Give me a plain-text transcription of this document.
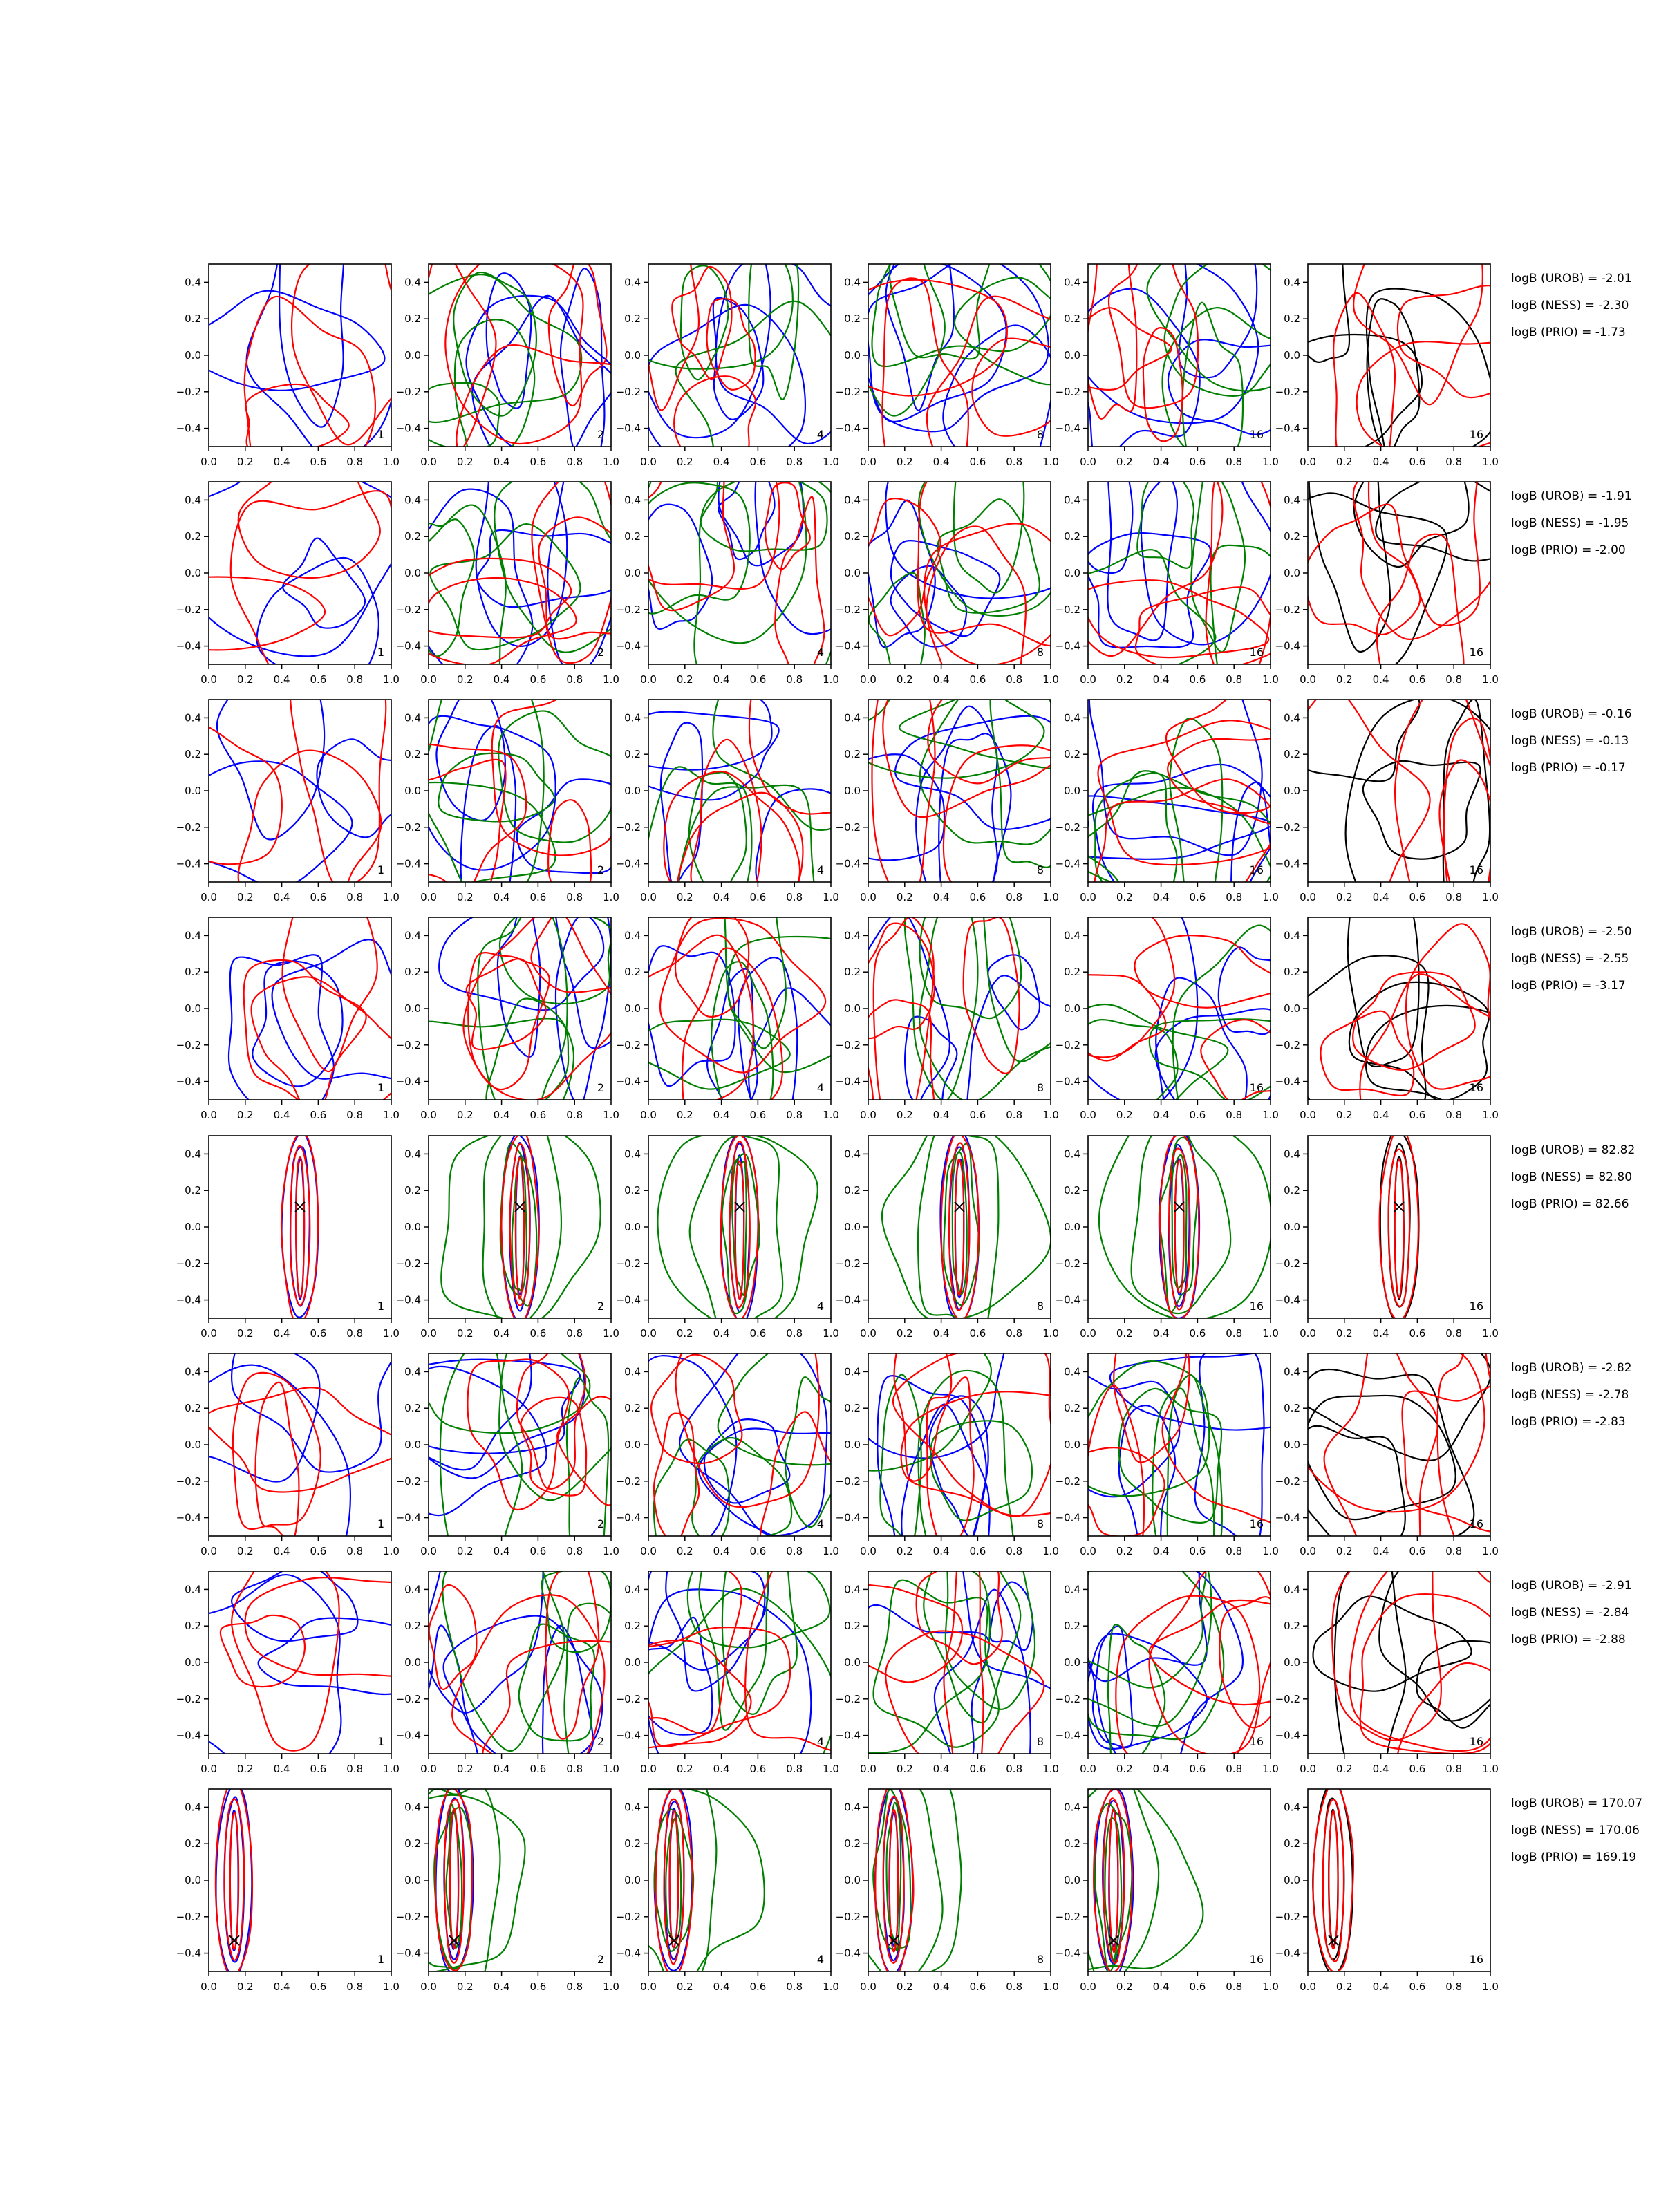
0.0 0.2 0.4 0.6 0.8 1.0
−0.4
−0.2
0.0
0.2
0.4
1
0.0 0.2 0.4 0.6 0.8 1.0
−0.4
−0.2
0.0
0.2
0.4
2
0.0 0.2 0.4 0.6 0.8 1.0
−0.4
−0.2
0.0
0.2
0.4
4
0.0 0.2 0.4 0.6 0.8 1.0
−0.4
−0.2
0.0
0.2
0.4
8
0.0 0.2 0.4 0.6 0.8 1.0
−0.4
−0.2
0.0
0.2
0.4
16
0.0 0.2 0.4 0.6 0.8 1.0
−0.4
−0.2
0.0
0.2
0.4
16
logB (UROB) = -2.01
logB (NESS) = -2.30
logB (PRIO) = -1.73
0.0 0.2 0.4 0.6 0.8 1.0
−0.4
−0.2
0.0
0.2
0.4
1
0.0 0.2 0.4 0.6 0.8 1.0
−0.4
−0.2
0.0
0.2
0.4
2
0.0 0.2 0.4 0.6 0.8 1.0
−0.4
−0.2
0.0
0.2
0.4
4
0.0 0.2 0.4 0.6 0.8 1.0
−0.4
−0.2
0.0
0.2
0.4
8
0.0 0.2 0.4 0.6 0.8 1.0
−0.4
−0.2
0.0
0.2
0.4
16
0.0 0.2 0.4 0.6 0.8 1.0
−0.4
−0.2
0.0
0.2
0.4
16
logB (UROB) = -1.91
logB (NESS) = -1.95
logB (PRIO) = -2.00
0.0 0.2 0.4 0.6 0.8 1.0
−0.4
−0.2
0.0
0.2
0.4
1
0.0 0.2 0.4 0.6 0.8 1.0
−0.4
−0.2
0.0
0.2
0.4
2
0.0 0.2 0.4 0.6 0.8 1.0
−0.4
−0.2
0.0
0.2
0.4
4
0.0 0.2 0.4 0.6 0.8 1.0
−0.4
−0.2
0.0
0.2
0.4
8
0.0 0.2 0.4 0.6 0.8 1.0
−0.4
−0.2
0.0
0.2
0.4
16
0.0 0.2 0.4 0.6 0.8 1.0
−0.4
−0.2
0.0
0.2
0.4
16
logB (UROB) = -0.16
logB (NESS) = -0.13
logB (PRIO) = -0.17
0.0 0.2 0.4 0.6 0.8 1.0
−0.4
−0.2
0.0
0.2
0.4
1
0.0 0.2 0.4 0.6 0.8 1.0
−0.4
−0.2
0.0
0.2
0.4
2
0.0 0.2 0.4 0.6 0.8 1.0
−0.4
−0.2
0.0
0.2
0.4
4
0.0 0.2 0.4 0.6 0.8 1.0
−0.4
−0.2
0.0
0.2
0.4
8
0.0 0.2 0.4 0.6 0.8 1.0
−0.4
−0.2
0.0
0.2
0.4
16
0.0 0.2 0.4 0.6 0.8 1.0
−0.4
−0.2
0.0
0.2
0.4
16
logB (UROB) = -2.50
logB (NESS) = -2.55
logB (PRIO) = -3.17
0.0 0.2 0.4 0.6 0.8 1.0
−0.4
−0.2
0.0
0.2
0.4
1
0.0 0.2 0.4 0.6 0.8 1.0
−0.4
−0.2
0.0
0.2
0.4
2
0.0 0.2 0.4 0.6 0.8 1.0
−0.4
−0.2
0.0
0.2
0.4
4
0.0 0.2 0.4 0.6 0.8 1.0
−0.4
−0.2
0.0
0.2
0.4
8
0.0 0.2 0.4 0.6 0.8 1.0
−0.4
−0.2
0.0
0.2
0.4
16
0.0 0.2 0.4 0.6 0.8 1.0
−0.4
−0.2
0.0
0.2
0.4
16
logB (UROB) = 82.82
logB (NESS) = 82.80
logB (PRIO) = 82.66
0.0 0.2 0.4 0.6 0.8 1.0
−0.4
−0.2
0.0
0.2
0.4
1
0.0 0.2 0.4 0.6 0.8 1.0
−0.4
−0.2
0.0
0.2
0.4
2
0.0 0.2 0.4 0.6 0.8 1.0
−0.4
−0.2
0.0
0.2
0.4
4
0.0 0.2 0.4 0.6 0.8 1.0
−0.4
−0.2
0.0
0.2
0.4
8
0.0 0.2 0.4 0.6 0.8 1.0
−0.4
−0.2
0.0
0.2
0.4
16
0.0 0.2 0.4 0.6 0.8 1.0
−0.4
−0.2
0.0
0.2
0.4
16
logB (UROB) = -2.82
logB (NESS) = -2.78
logB (PRIO) = -2.83
0.0 0.2 0.4 0.6 0.8 1.0
−0.4
−0.2
0.0
0.2
0.4
1
0.0 0.2 0.4 0.6 0.8 1.0
−0.4
−0.2
0.0
0.2
0.4
2
0.0 0.2 0.4 0.6 0.8 1.0
−0.4
−0.2
0.0
0.2
0.4
4
0.0 0.2 0.4 0.6 0.8 1.0
−0.4
−0.2
0.0
0.2
0.4
8
0.0 0.2 0.4 0.6 0.8 1.0
−0.4
−0.2
0.0
0.2
0.4
16
0.0 0.2 0.4 0.6 0.8 1.0
−0.4
−0.2
0.0
0.2
0.4
16
logB (UROB) = -2.91
logB (NESS) = -2.84
logB (PRIO) = -2.88
0.0 0.2 0.4 0.6 0.8 1.0
−0.4
−0.2
0.0
0.2
0.4
1
0.0 0.2 0.4 0.6 0.8 1.0
−0.4
−0.2
0.0
0.2
0.4
2
0.0 0.2 0.4 0.6 0.8 1.0
−0.4
−0.2
0.0
0.2
0.4
4
0.0 0.2 0.4 0.6 0.8 1.0
−0.4
−0.2
0.0
0.2
0.4
8
0.0 0.2 0.4 0.6 0.8 1.0
−0.4
−0.2
0.0
0.2
0.4
16
0.0 0.2 0.4 0.6 0.8 1.0
−0.4
−0.2
0.0
0.2
0.4
16
logB (UROB) = 170.07
logB (NESS) = 170.06
logB (PRIO) = 169.19
